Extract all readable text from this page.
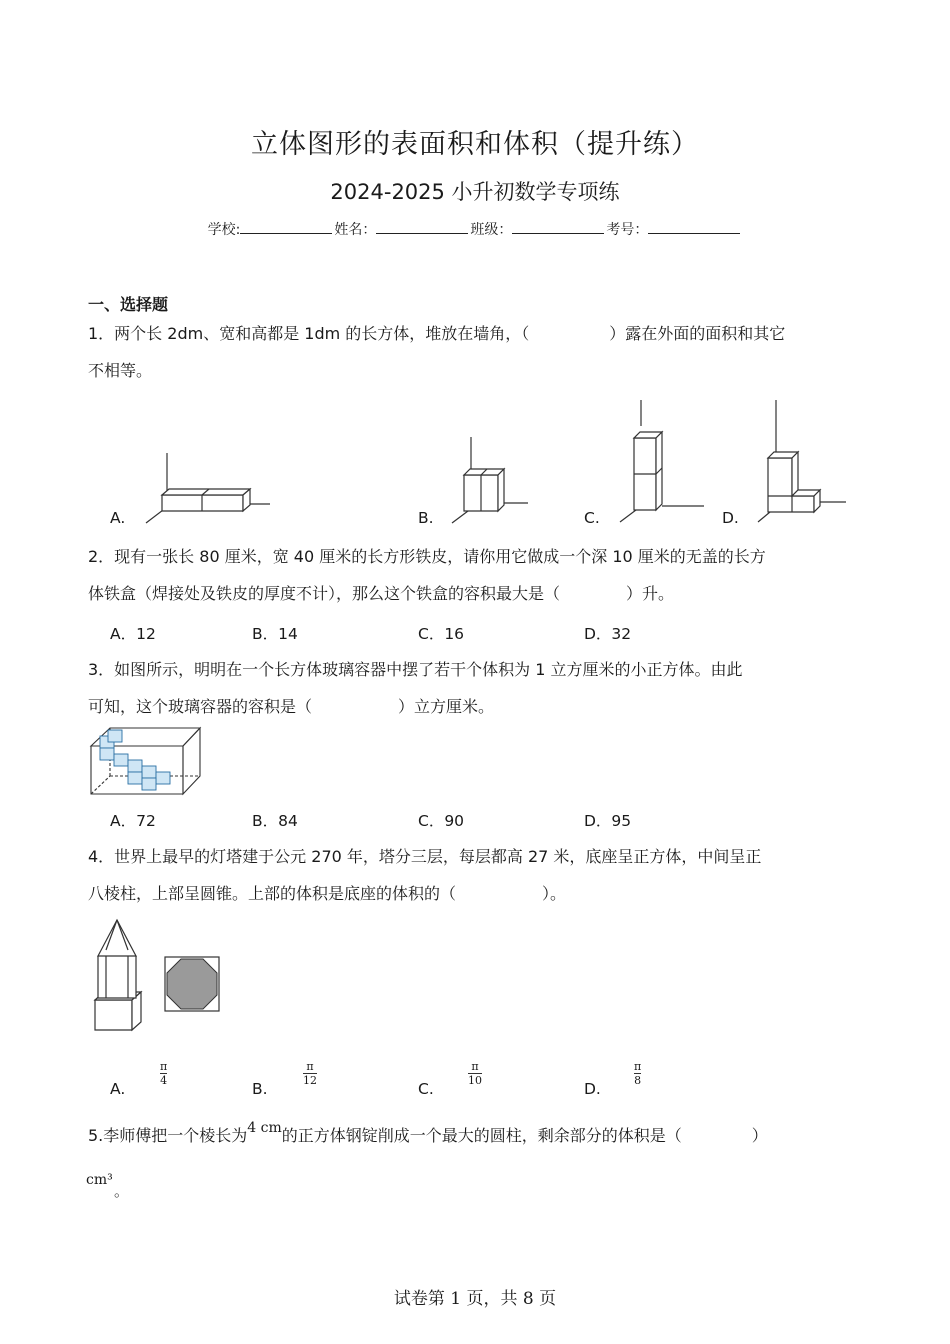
立体图形的表面积和体积（提升练）
2024-2025 小升初数学专项练
学校:	姓名：	班级：	考号：
一、选择题
1．两个长 2dm、宽和高都是 1dm 的长方体，堆放在墙角，（	）露在外面的面积和其它
不相等。
A.	B.	C.	D.
2．现有一张长 80 厘米，宽 40 厘米的长方形铁皮，请你用它做成一个深 10 厘米的无盖的长方
体铁盒（焊接处及铁皮的厚度不计），那么这个铁盒的容积最大是（	）升。
A．12	B．14	C．16	D．32
3．如图所示，明明在一个长方体玻璃容器中摆了若干个体积为 1 立方厘米的小正方体。由此
可知，这个玻璃容器的容积是（	）立方厘米。
A．72	B．84	C．90	D．95
4．世界上最早的灯塔建于公元 270 年，塔分三层，每层都高 27 米，底座呈正方体，中间呈正
八棱柱，上部呈圆锥。上部的体积是底座的体积的（	）。
A.
$\frac{\pi}{4}$
B.
$\frac{\pi}{12}$
C.
$\frac{\pi}{10}$
D.
$\frac{\pi}{8}$
5.李师傅把一个棱长为4 cm的正方体钢锭削成一个最大的圆柱，剩余部分的体积是（	）
cm³
。
试卷第 1 页，共 8 页
